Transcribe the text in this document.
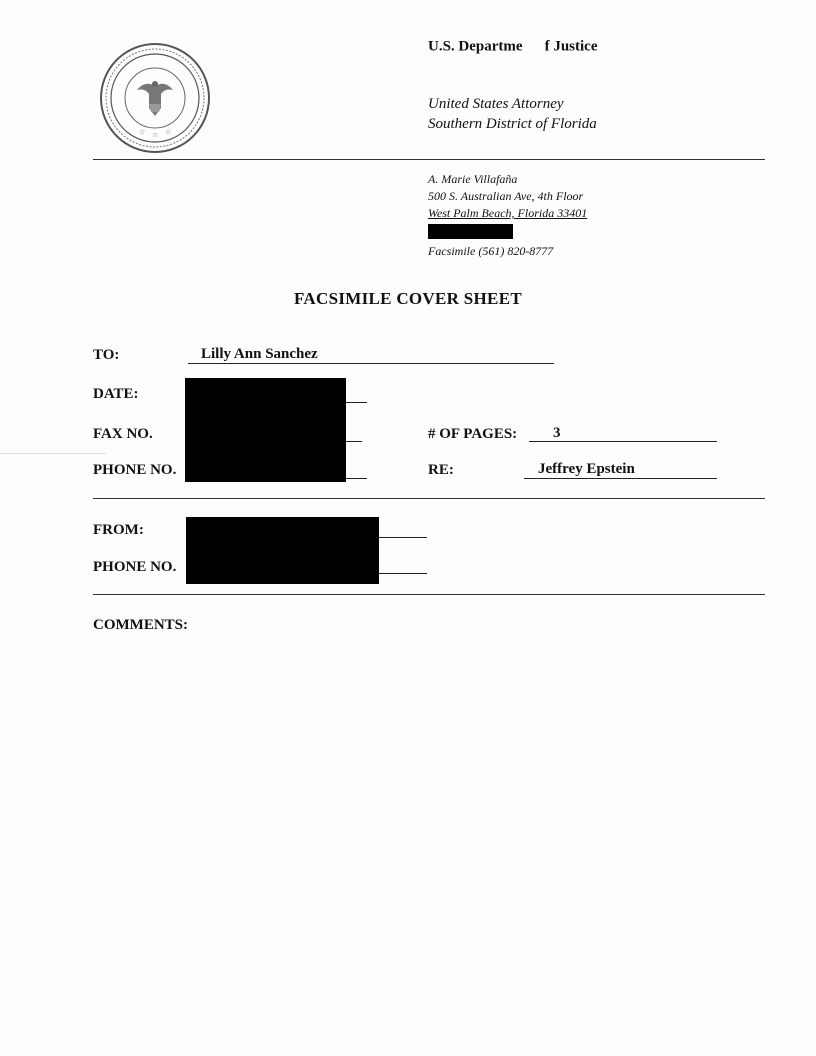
☆ ☆ ☆
U.S. Departme f Justice
United States Attorney
Southern District of Florida
A. Marie Villafaña
500 S. Australian Ave, 4th Floor
West Palm Beach, Florida 33401
Facsimile (561) 820-8777
FACSIMILE COVER SHEET
TO:	Lilly Ann Sanchez
DATE:
FAX NO.
PHONE NO.
# OF PAGES: 3
RE:	Jeffrey Epstein
FROM:
PHONE NO.
COMMENTS:
